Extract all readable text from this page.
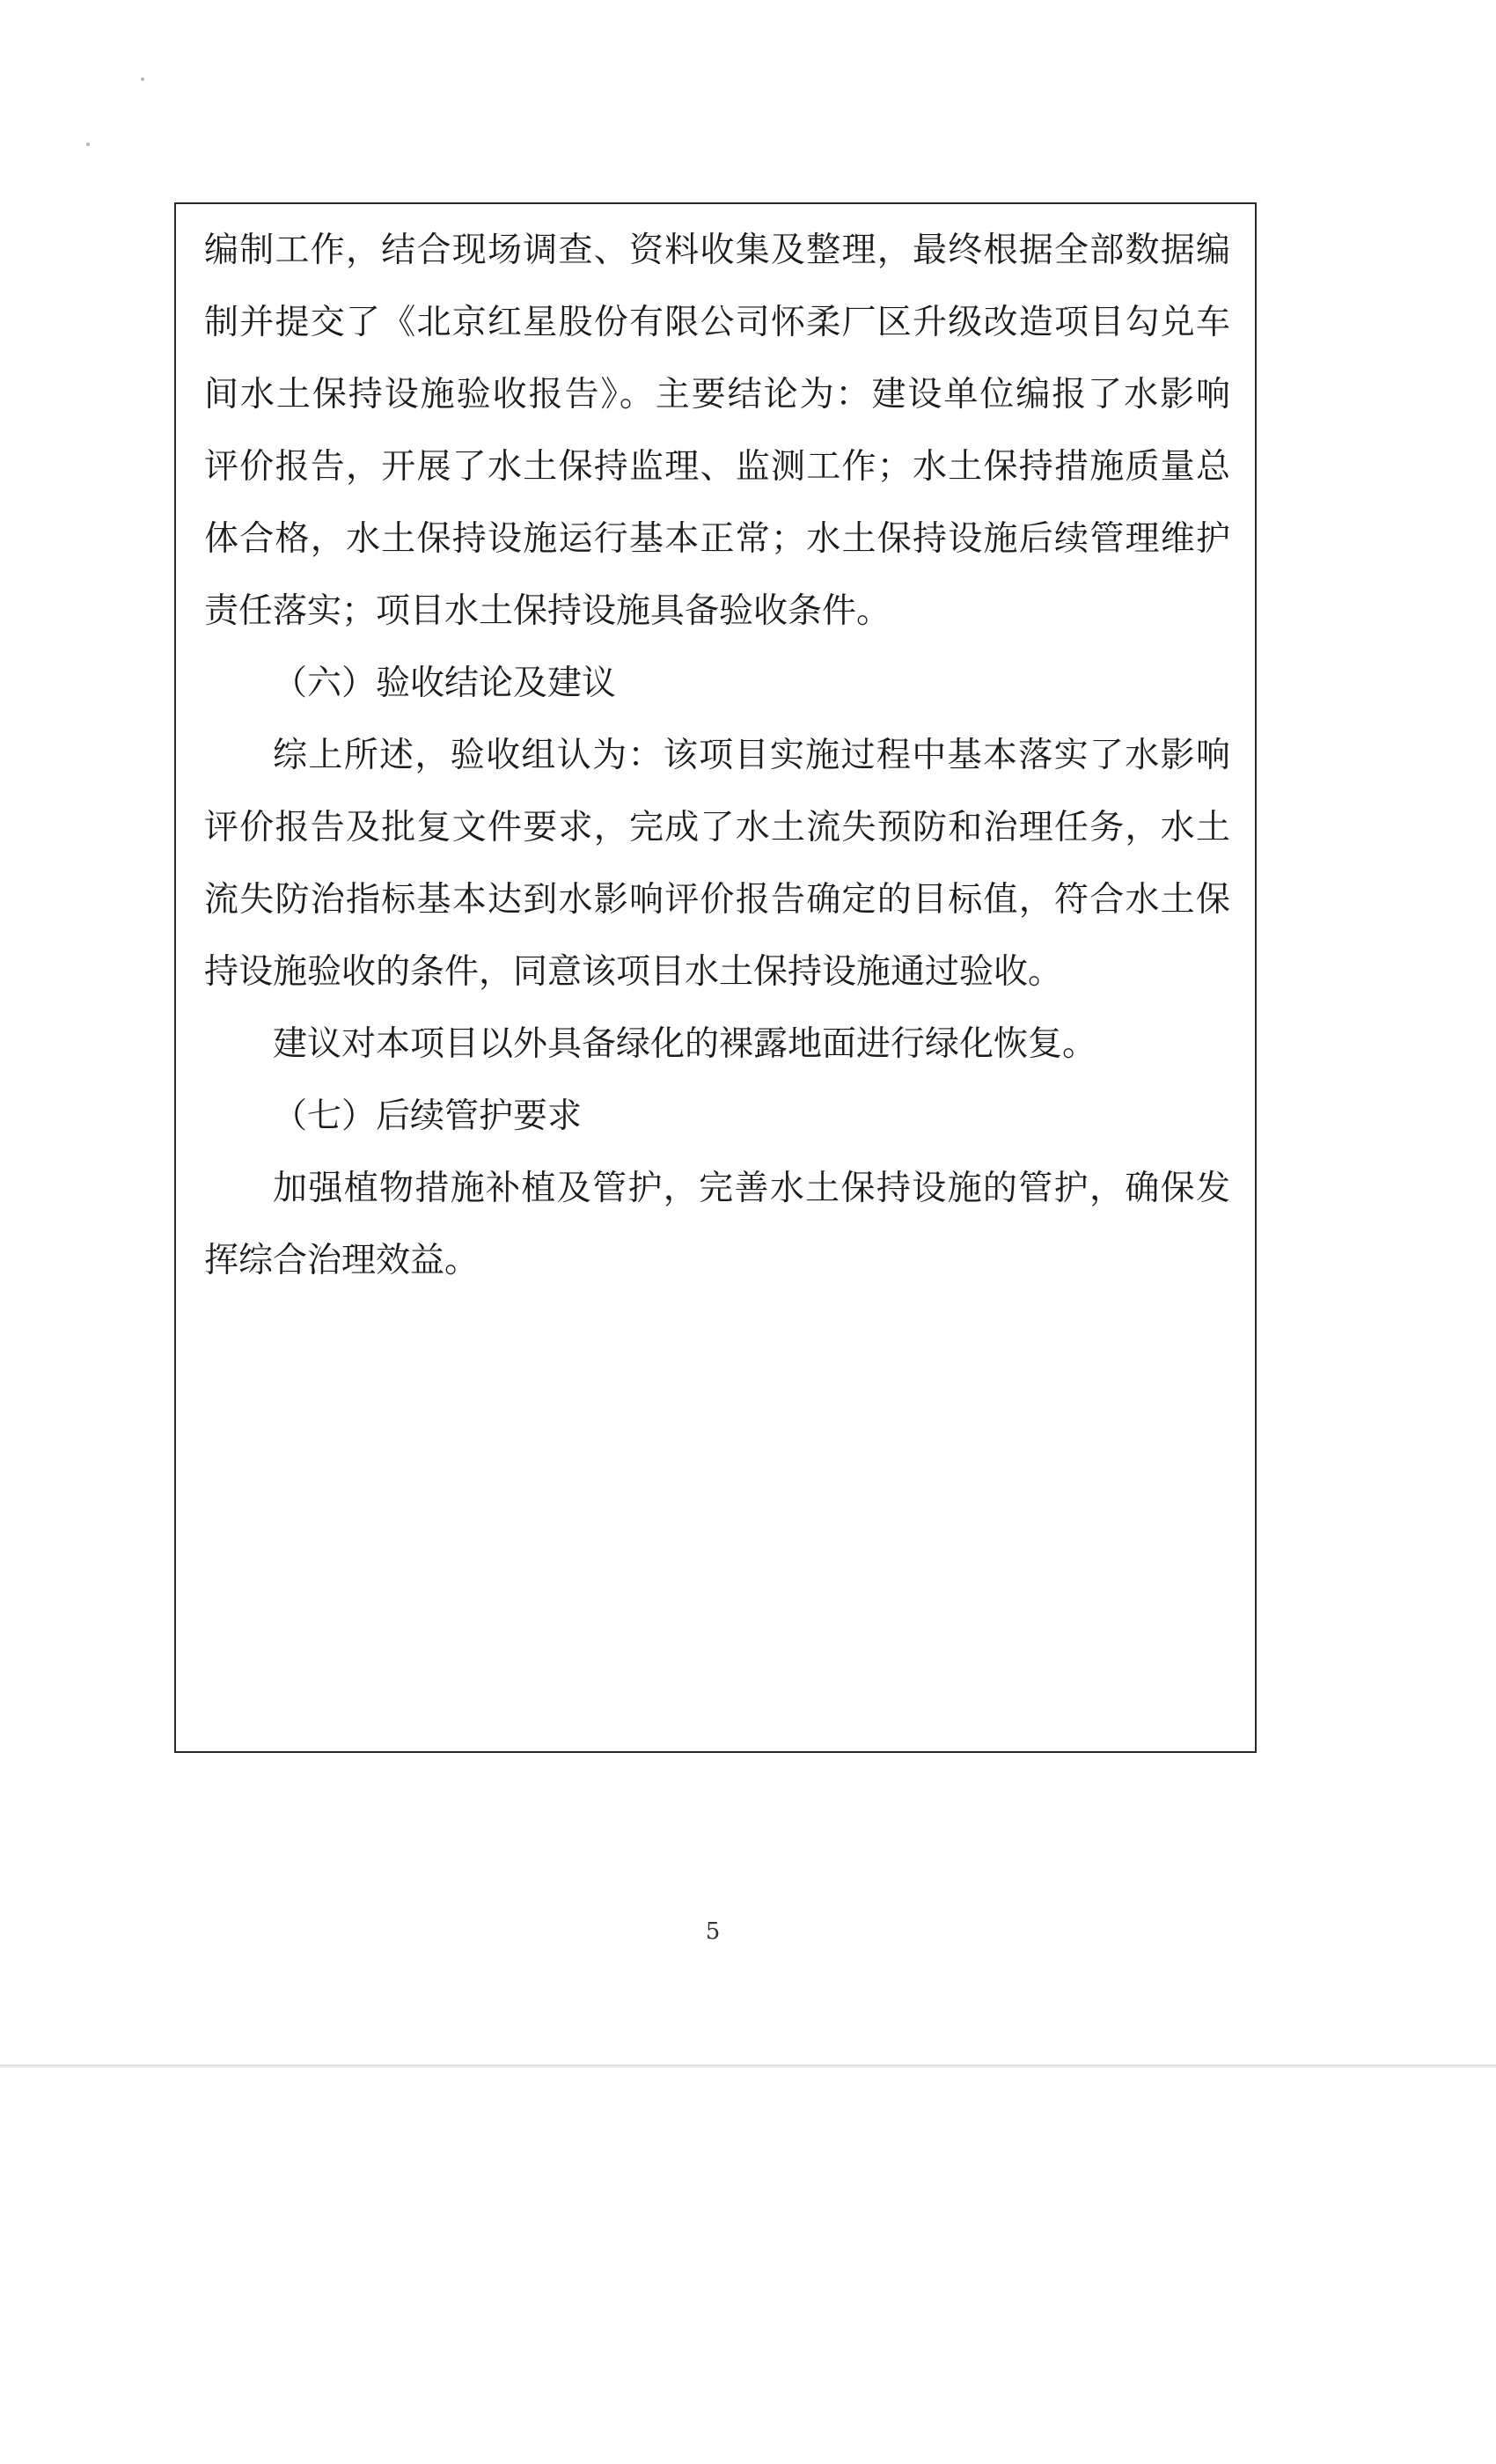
编制工作，结合现场调查、资料收集及整理，最终根据全部数据编
制并提交了《北京红星股份有限公司怀柔厂区升级改造项目勾兑车
间水土保持设施验收报告》。主要结论为：建设单位编报了水影响
评价报告，开展了水土保持监理、监测工作；水土保持措施质量总
体合格，水土保持设施运行基本正常；水土保持设施后续管理维护
责任落实；项目水土保持设施具备验收条件。
（六）验收结论及建议
综上所述，验收组认为：该项目实施过程中基本落实了水影响
评价报告及批复文件要求，完成了水土流失预防和治理任务，水土
流失防治指标基本达到水影响评价报告确定的目标值，符合水土保
持设施验收的条件，同意该项目水土保持设施通过验收。
建议对本项目以外具备绿化的裸露地面进行绿化恢复。
（七）后续管护要求
加强植物措施补植及管护，完善水土保持设施的管护，确保发
挥综合治理效益。
5
